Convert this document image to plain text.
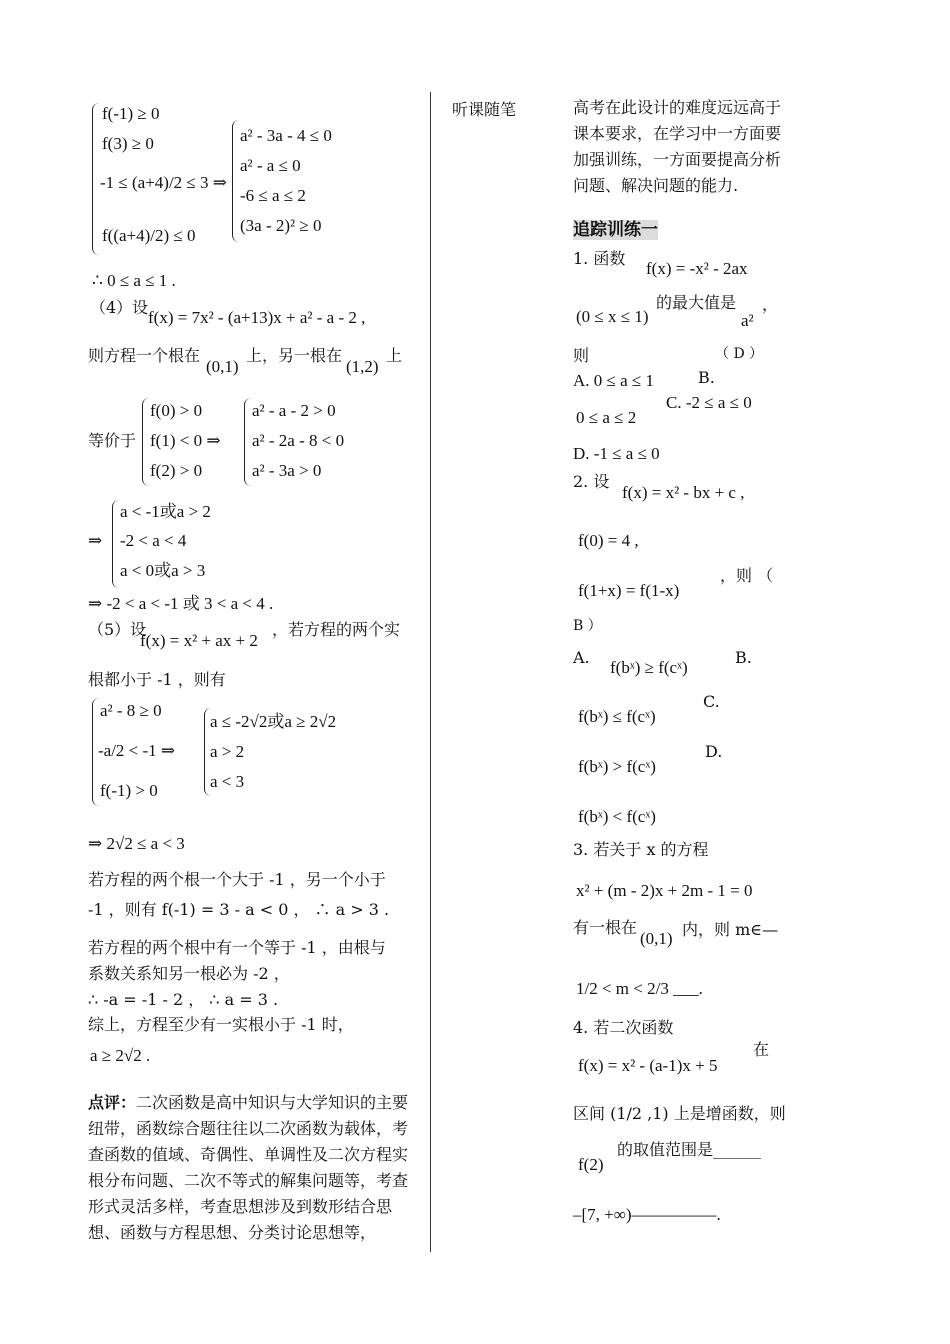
f(-1) ≥ 0
f(3) ≥ 0
-1 ≤ (a+4)/2 ≤ 3 ⇒
f((a+4)/2) ≤ 0
a² - 3a - 4 ≤ 0
a² - a ≤ 0
-6 ≤ a ≤ 2
(3a - 2)² ≥ 0
∴ 0 ≤ a ≤ 1 .
（4）设
f(x) = 7x² - (a+13)x + a² - a - 2 ,
则方程一个根在
(0,1)
上，另一根在
(1,2)
上
等价于
f(0) > 0
f(1) < 0 ⇒
f(2) > 0
a² - a - 2 > 0
a² - 2a - 8 < 0
a² - 3a > 0
⇒
a < -1或a > 2
-2 < a < 4
a < 0或a > 3
⇒ -2 < a < -1 或 3 < a < 4 .
（5）设
f(x) = x² + ax + 2
，若方程的两个实
根都小于 -1 ，则有
a² - 8 ≥ 0
-a/2 < -1 ⇒
f(-1) > 0
a ≤ -2√2或a ≥ 2√2
a > 2
a < 3
⇒ 2√2 ≤ a < 3
若方程的两个根一个大于 -1 ，另一个小于
-1 ，则有 f(-1) = 3 - a < 0 ， ∴ a > 3 .
若方程的两个根中有一个等于 -1 ，由根与
系数关系知另一根必为 -2 ，
∴ -a = -1 - 2 ， ∴ a = 3 .
综上，方程至少有一实根小于 -1 时，
a ≥ 2√2 .
点评：二次函数是高中知识与大学知识的主要纽带，函数综合题往往以二次函数为载体，考查函数的值域、奇偶性、单调性及二次方程实根分布问题、二次不等式的解集问题等，考查形式灵活多样，考查思想涉及到数形结合思想、函数与方程思想、分类讨论思想等，
听课随笔	高考在此设计的难度远远高于课本要求，在学习中一方面要加强训练，一方面要提高分析问题、解决问题的能力.
追踪训练一
1. 函数
f(x) = -x² - 2ax
(0 ≤ x ≤ 1)
的最大值是
a²
，
则	（ D ）
A. 0 ≤ a ≤ 1	B.
0 ≤ a ≤ 2
C. -2 ≤ a ≤ 0
D. -1 ≤ a ≤ 0
2. 设
f(x) = x² - bx + c ,
f(0) = 4 ,
f(1+x) = f(1-x)
，则 （
B ）
A.
f(bˣ) ≥ f(cˣ)
B.
f(bˣ) ≤ f(cˣ)
C.
f(bˣ) > f(cˣ)
D.
f(bˣ) < f(cˣ)
3. 若关于 x 的方程
x² + (m - 2)x + 2m - 1 = 0
有一根在
(0,1) 内，则 m∈—
1/2 < m < 2/3 ___.
4. 若二次函数
f(x) = x² - (a-1)x + 5
在
区间 (1/2 ,1) 上是增函数，则
f(2)
的取值范围是______
–[7, +∞)—————.
